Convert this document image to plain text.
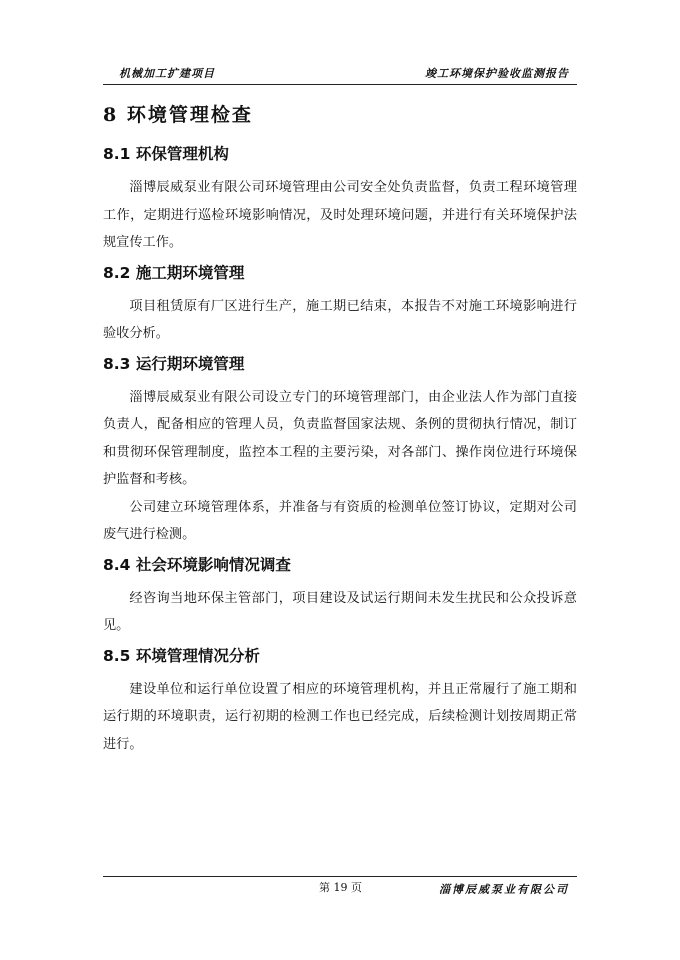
机械加工扩建项目	竣工环境保护验收监测报告
8 环境管理检查
8.1 环保管理机构

淄博辰威泵业有限公司环境管理由公司安全处负责监督，负责工程环境管理工作，定期进行巡检环境影响情况，及时处理环境问题，并进行有关环境保护法规宣传工作。

8.2 施工期环境管理

项目租赁原有厂区进行生产，施工期已结束，本报告不对施工环境影响进行验收分析。

8.3 运行期环境管理

淄博辰威泵业有限公司设立专门的环境管理部门，由企业法人作为部门直接负责人，配备相应的管理人员，负责监督国家法规、条例的贯彻执行情况，制订和贯彻环保管理制度，监控本工程的主要污染，对各部门、操作岗位进行环境保护监督和考核。

公司建立环境管理体系，并准备与有资质的检测单位签订协议，定期对公司废气进行检测。

8.4 社会环境影响情况调查

经咨询当地环保主管部门，项目建设及试运行期间未发生扰民和公众投诉意见。

8.5 环境管理情况分析

建设单位和运行单位设置了相应的环境管理机构，并且正常履行了施工期和运行期的环境职责，运行初期的检测工作也已经完成，后续检测计划按周期正常进行。

第 19 页	淄博辰威泵业有限公司
